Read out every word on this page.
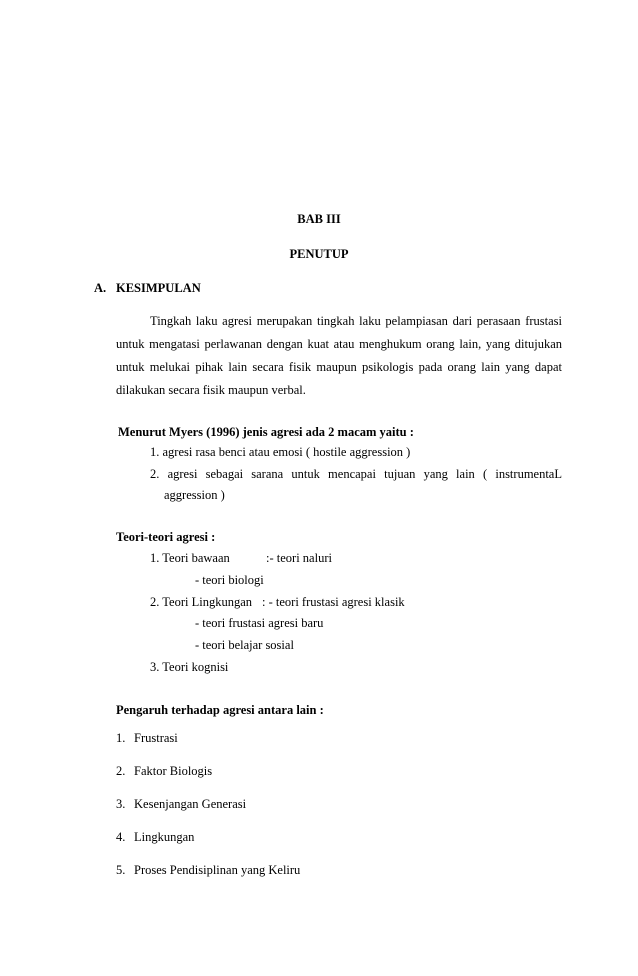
BAB III
PENUTUP
A. KESIMPULAN
Tingkah laku agresi merupakan tingkah laku pelampiasan dari perasaan frustasi
untuk mengatasi perlawanan dengan kuat atau menghukum orang lain, yang ditujukan
untuk melukai pihak lain secara fisik maupun psikologis pada orang lain yang dapat
dilakukan secara fisik maupun verbal.
Menurut Myers (1996) jenis agresi ada 2 macam yaitu :
1. agresi rasa benci atau emosi ( hostile aggression )
2. agresi sebagai sarana untuk mencapai tujuan yang lain ( instrumentaL
aggression )
Teori-teori agresi :
1. Teori bawaan	:- teori naluri
- teori biologi
2. Teori Lingkungan : - teori frustasi agresi klasik
- teori frustasi agresi baru
- teori belajar sosial
3. Teori kognisi
Pengaruh terhadap agresi antara lain :
1. Frustrasi
2. Faktor Biologis
3. Kesenjangan Generasi
4. Lingkungan
5. Proses Pendisiplinan yang Keliru
